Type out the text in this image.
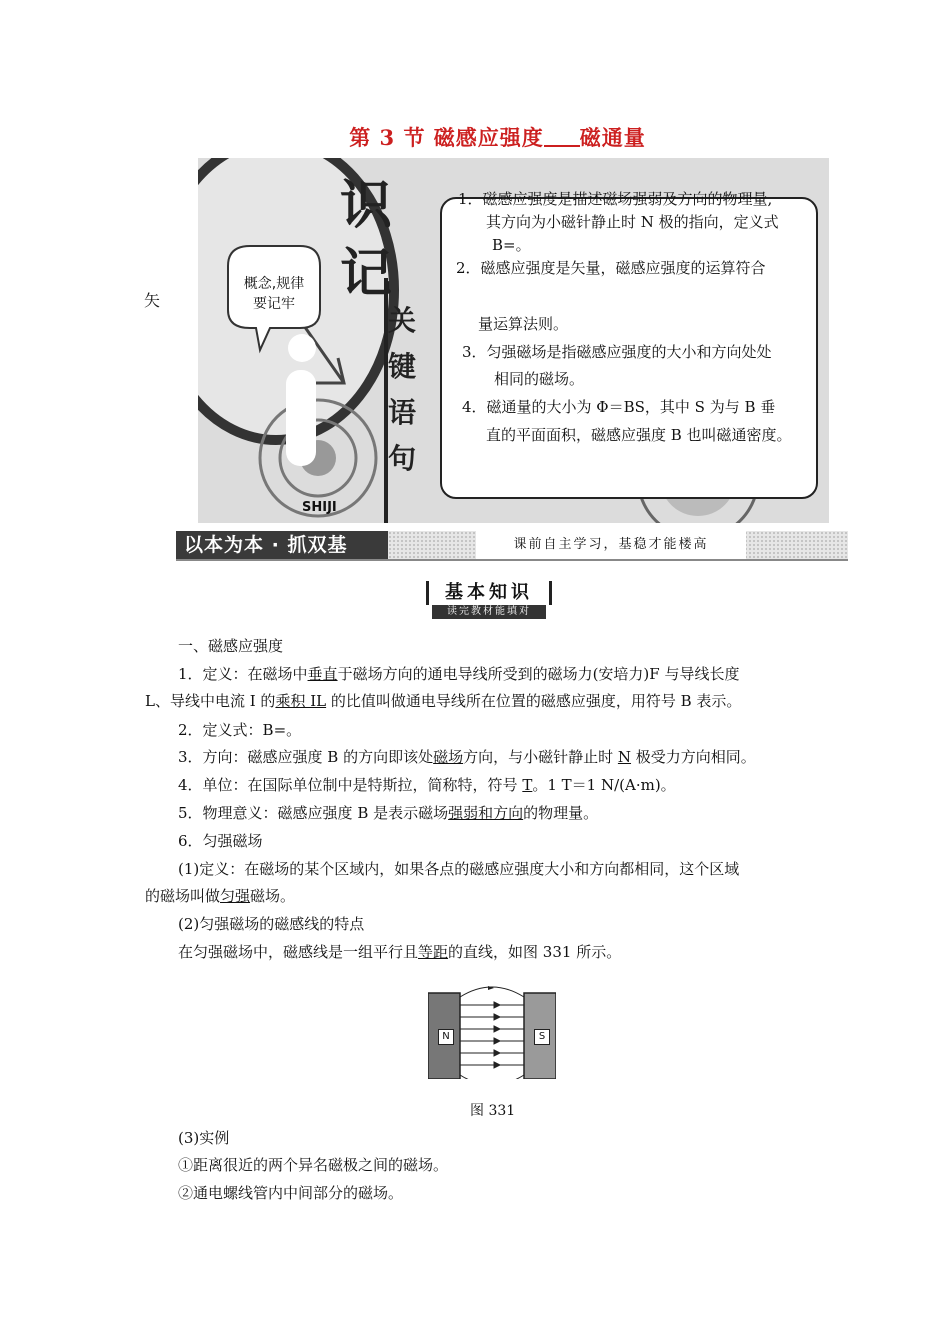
第 3 节 磁感应强度 磁通量
矢
概念,规律
要记牢
识
记
关
键
语
句
SHIJI
1．磁感应强度是描述磁场强弱及方向的物理量,
其方向为小磁针静止时 N 极的指向，定义式
B=。
2．磁感应强度是矢量，磁感应强度的运算符合
量运算法则。
3．匀强磁场是指磁感应强度的大小和方向处处
相同的磁场。
4．磁通量的大小为 Φ＝BS，其中 S 为与 B 垂
直的平面面积，磁感应强度 B 也叫磁通密度。
以本为本 · 抓双基	课前自主学习，基稳才能楼高
基本知识
读完教材能填对
一、磁感应强度
1．定义：在磁场中垂直于磁场方向的通电导线所受到的磁场力(安培力)F 与导线长度
L、导线中电流 I 的乘积 IL 的比值叫做通电导线所在位置的磁感应强度，用符号 B 表示。
2．定义式：B=。
3．方向：磁感应强度 B 的方向即该处磁场方向，与小磁针静止时 N 极受力方向相同。
4．单位：在国际单位制中是特斯拉，简称特，符号 T。1 T＝1 N/(A·m)。
5．物理意义：磁感应强度 B 是表示磁场强弱和方向的物理量。
6．匀强磁场
(1)定义：在磁场的某个区域内，如果各点的磁感应强度大小和方向都相同，这个区域
的磁场叫做匀强磁场。
(2)匀强磁场的磁感线的特点
在匀强磁场中，磁感线是一组平行且等距的直线，如图 331 所示。
N	S
图 331
(3)实例
①距离很近的两个异名磁极之间的磁场。
②通电螺线管内中间部分的磁场。
